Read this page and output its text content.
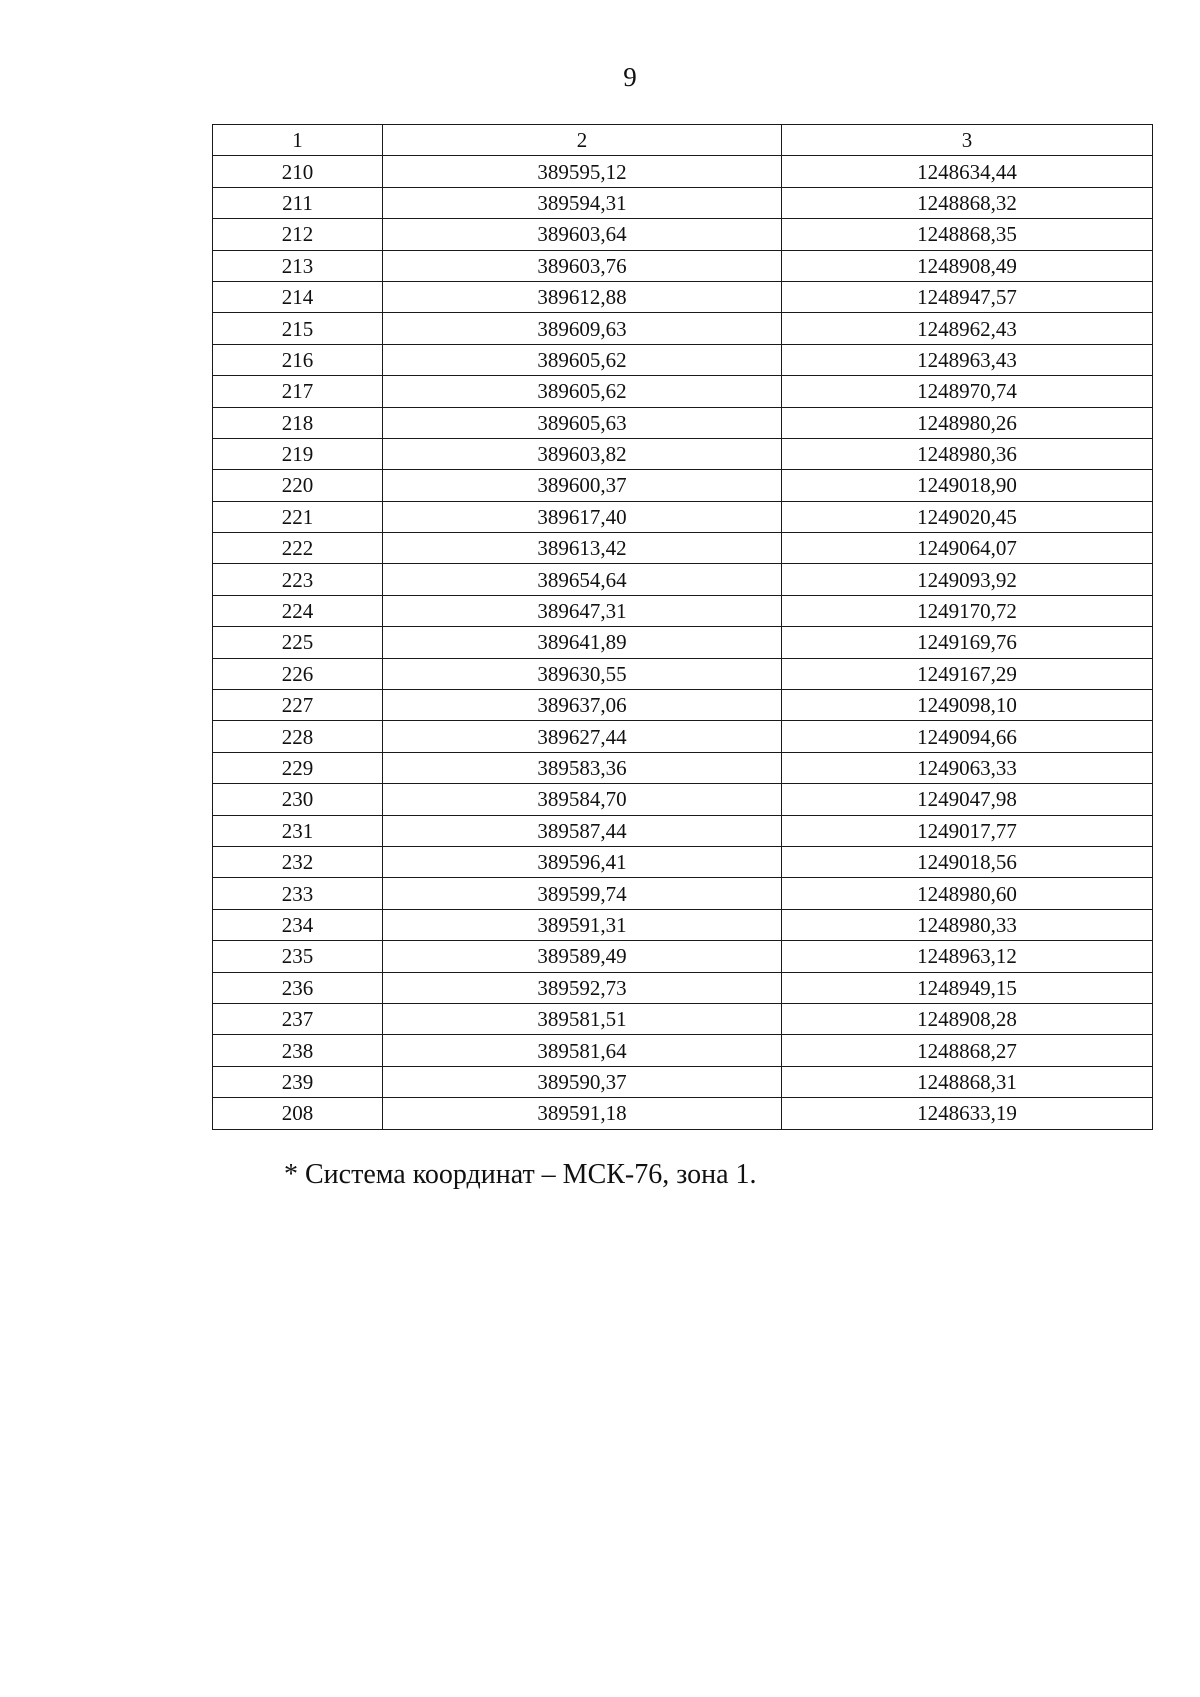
9
1	2	3
210	389595,12	1248634,44
211	389594,31	1248868,32
212	389603,64	1248868,35
213	389603,76	1248908,49
214	389612,88	1248947,57
215	389609,63	1248962,43
216	389605,62	1248963,43
217	389605,62	1248970,74
218	389605,63	1248980,26
219	389603,82	1248980,36
220	389600,37	1249018,90
221	389617,40	1249020,45
222	389613,42	1249064,07
223	389654,64	1249093,92
224	389647,31	1249170,72
225	389641,89	1249169,76
226	389630,55	1249167,29
227	389637,06	1249098,10
228	389627,44	1249094,66
229	389583,36	1249063,33
230	389584,70	1249047,98
231	389587,44	1249017,77
232	389596,41	1249018,56
233	389599,74	1248980,60
234	389591,31	1248980,33
235	389589,49	1248963,12
236	389592,73	1248949,15
237	389581,51	1248908,28
238	389581,64	1248868,27
239	389590,37	1248868,31
208	389591,18	1248633,19
* Система координат – МСК-76, зона 1.
